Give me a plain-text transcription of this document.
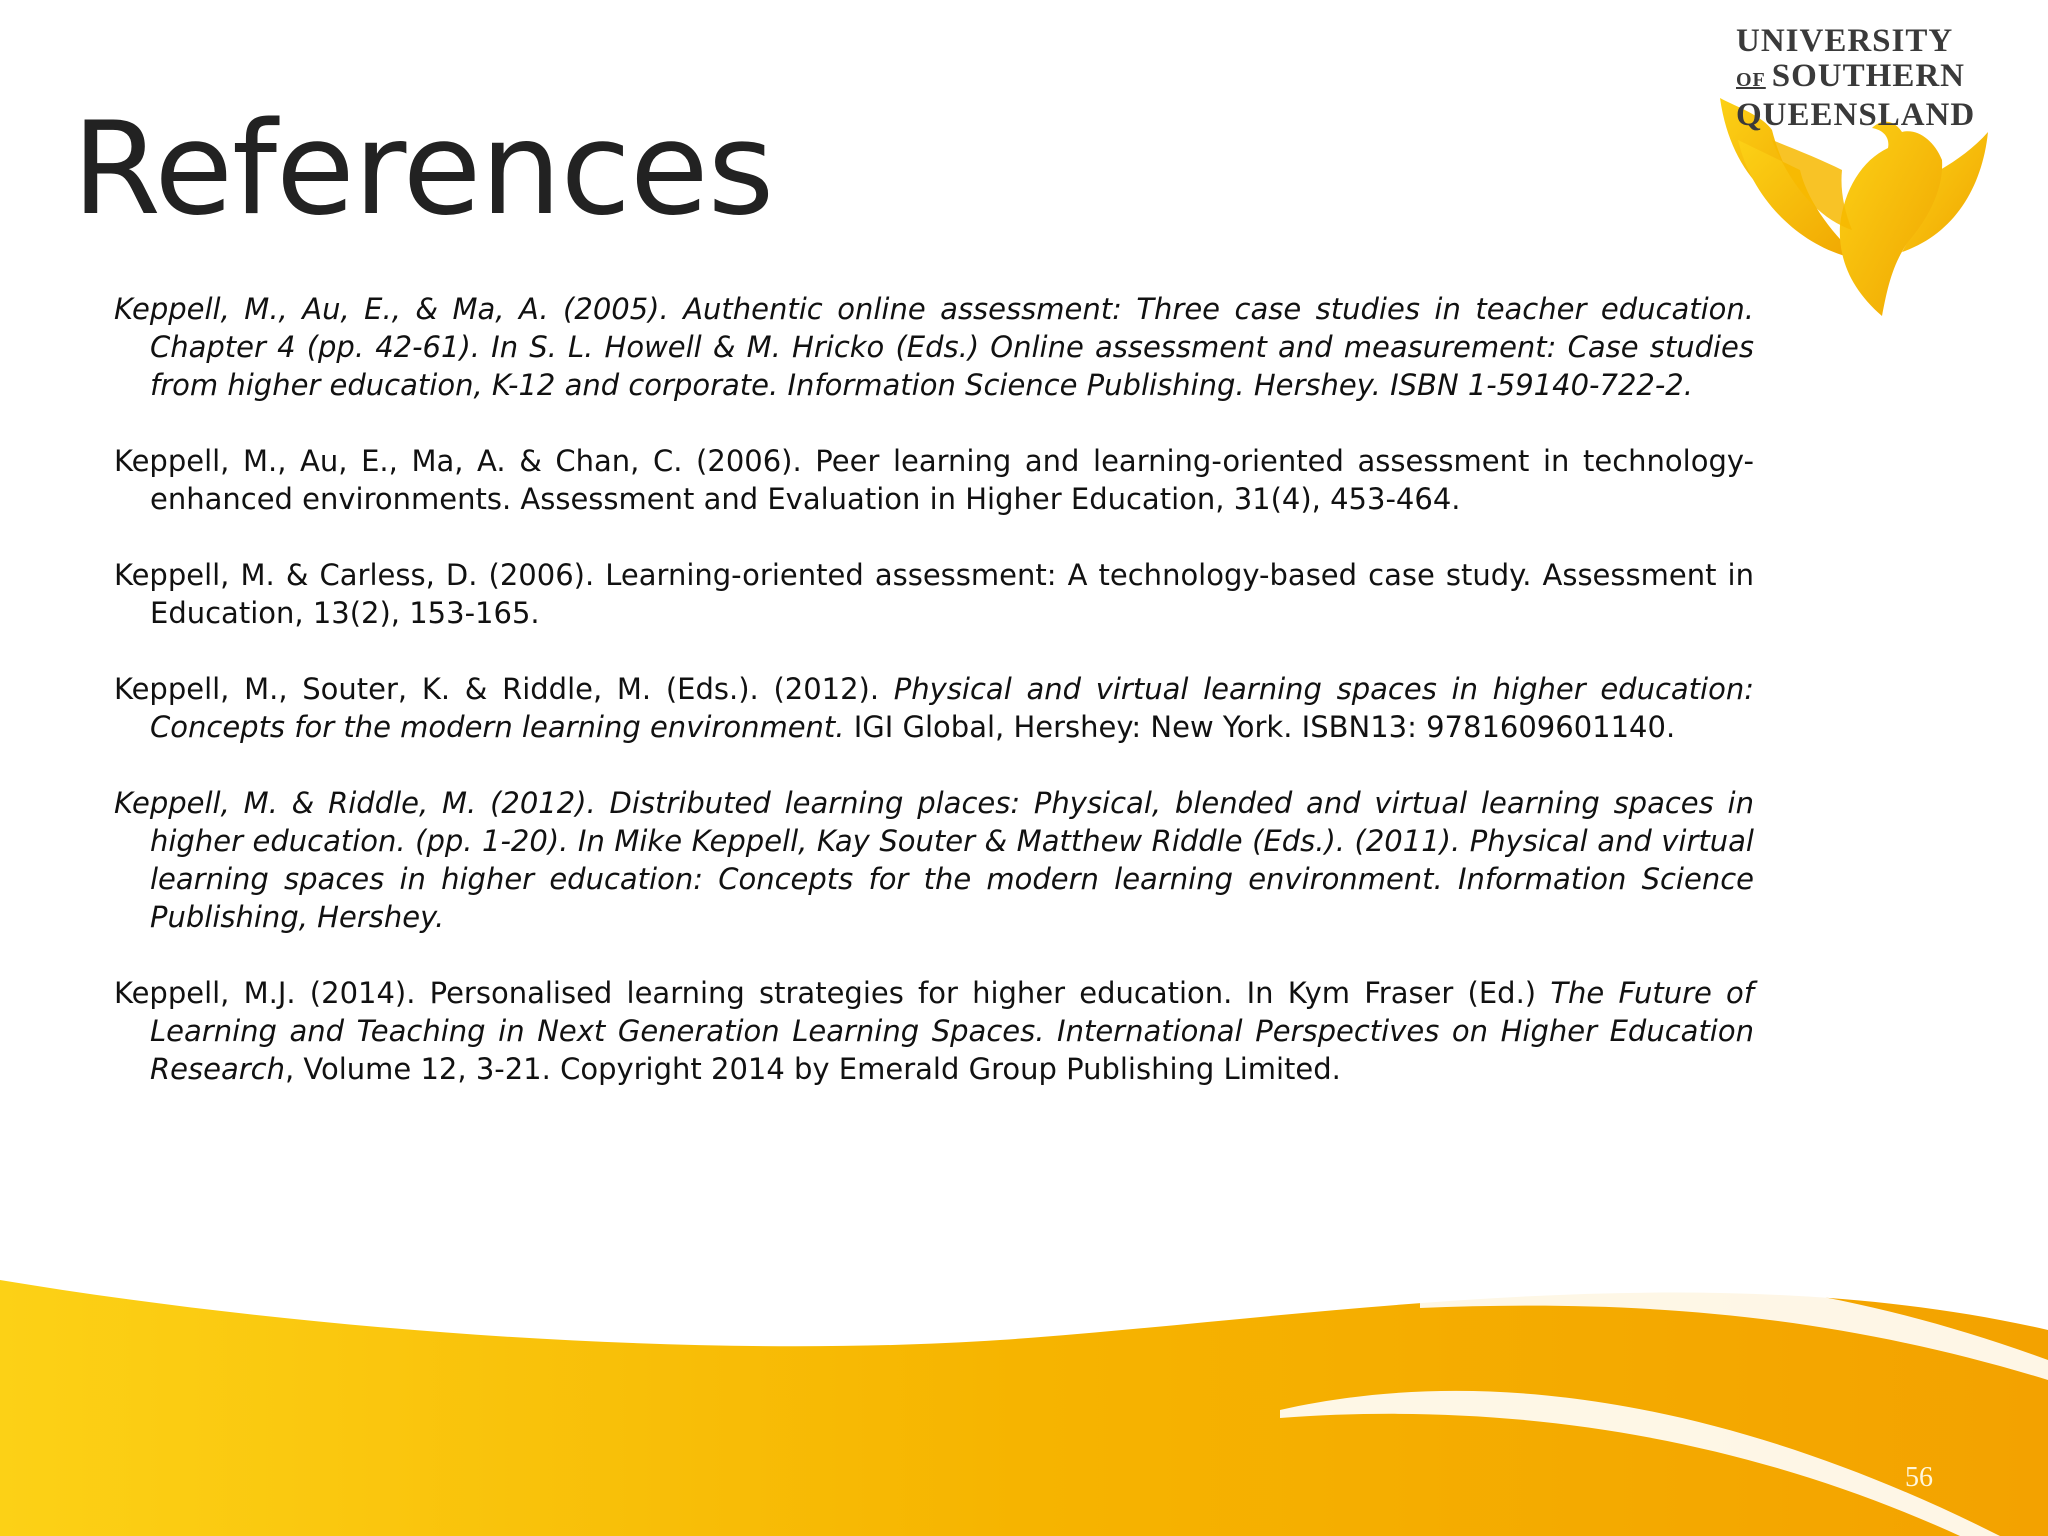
References
UNIVERSITY
OF SOUTHERN
QUEENSLAND

Keppell, M., Au, E., & Ma, A. (2005). Authentic online assessment: Three case studies in teacher education. Chapter 4 (pp. 42-61). In S. L. Howell & M. Hricko (Eds.) Online assessment and measurement: Case studies from higher education, K-12 and corporate. Information Science Publishing. Hershey. ISBN 1-59140-722-2.

Keppell, M., Au, E., Ma, A. & Chan, C. (2006). Peer learning and learning-oriented assessment in technology-enhanced environments. Assessment and Evaluation in Higher Education, 31(4), 453-464.

Keppell, M. & Carless, D. (2006). Learning-oriented assessment: A technology-based case study. Assessment in Education, 13(2), 153-165.

Keppell, M., Souter, K. & Riddle, M. (Eds.). (2012). Physical and virtual learning spaces in higher education: Concepts for the modern learning environment. IGI Global, Hershey: New York. ISBN13: 9781609601140.

Keppell, M. & Riddle, M. (2012). Distributed learning places: Physical, blended and virtual learning spaces in higher education. (pp. 1-20). In Mike Keppell, Kay Souter & Matthew Riddle (Eds.). (2011). Physical and virtual learning spaces in higher education: Concepts for the modern learning environment. Information Science Publishing, Hershey.

Keppell, M.J. (2014). Personalised learning strategies for higher education. In Kym Fraser (Ed.) The Future of Learning and Teaching in Next Generation Learning Spaces. International Perspectives on Higher Education Research, Volume 12, 3-21. Copyright 2014 by Emerald Group Publishing Limited.

56
